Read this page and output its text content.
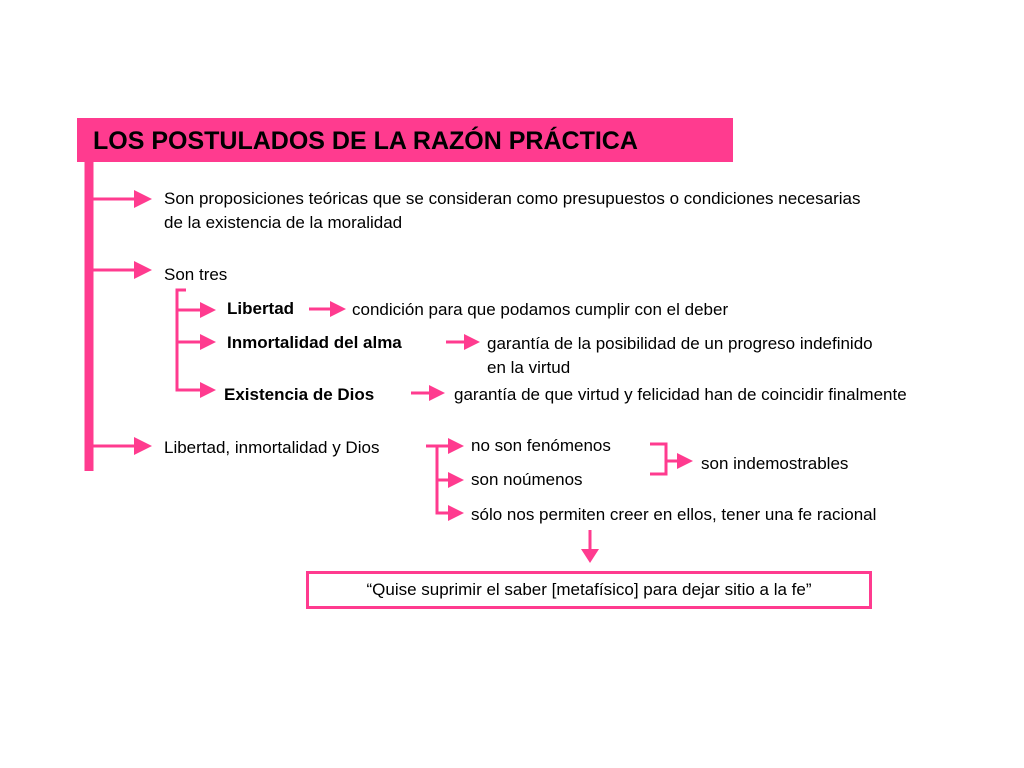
LOS POSTULADOS DE LA RAZÓN PRÁCTICA
Son proposiciones teóricas que se consideran como presupuestos o condiciones necesarias
de la existencia de la moralidad
Son tres
Libertad	condición para que podamos cumplir con el deber
Inmortalidad del alma	garantía de la posibilidad de un progreso indefinido
en la virtud
Existencia de Dios	garantía de que virtud y felicidad han de coincidir finalmente
Libertad, inmortalidad y Dios	no son fenómenos
son noúmenos
sólo nos permiten creer en ellos, tener una fe racional
son indemostrables
“Quise suprimir el saber [metafísico] para dejar sitio a la fe”
